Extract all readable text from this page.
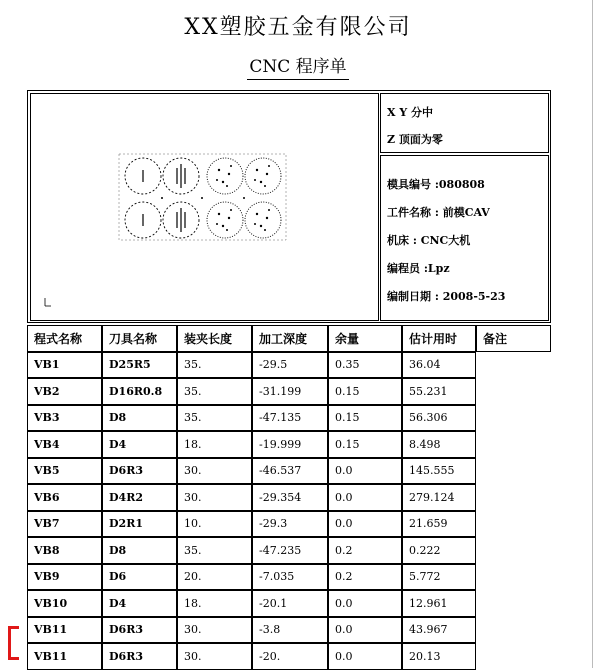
XX塑胶五金有限公司
CNC 程序单
X Y 分中
Z 顶面为零
模具编号 :080808
工件名称 : 前模CAV
机床 : CNC大机
编程员 :Lpz
编制日期 : 2008-5-23
程式名称	刀具名称	装夹长度	加工深度	余量	估计用时	备注
VB1	D25R5	35.	-29.5	0.35	36.04	
VB2	D16R0.8	35.	-31.199	0.15	55.231	
VB3	D8	35.	-47.135	0.15	56.306	
VB4	D4	18.	-19.999	0.15	8.498	
VB5	D6R3	30.	-46.537	0.0	145.555	
VB6	D4R2	30.	-29.354	0.0	279.124	
VB7	D2R1	10.	-29.3	0.0	21.659	
VB8	D8	35.	-47.235	0.2	0.222	
VB9	D6	20.	-7.035	0.2	5.772	
VB10	D4	18.	-20.1	0.0	12.961	
VB11	D6R3	30.	-3.8	0.0	43.967	
VB11	D6R3	30.	-20.	0.0	20.13	
